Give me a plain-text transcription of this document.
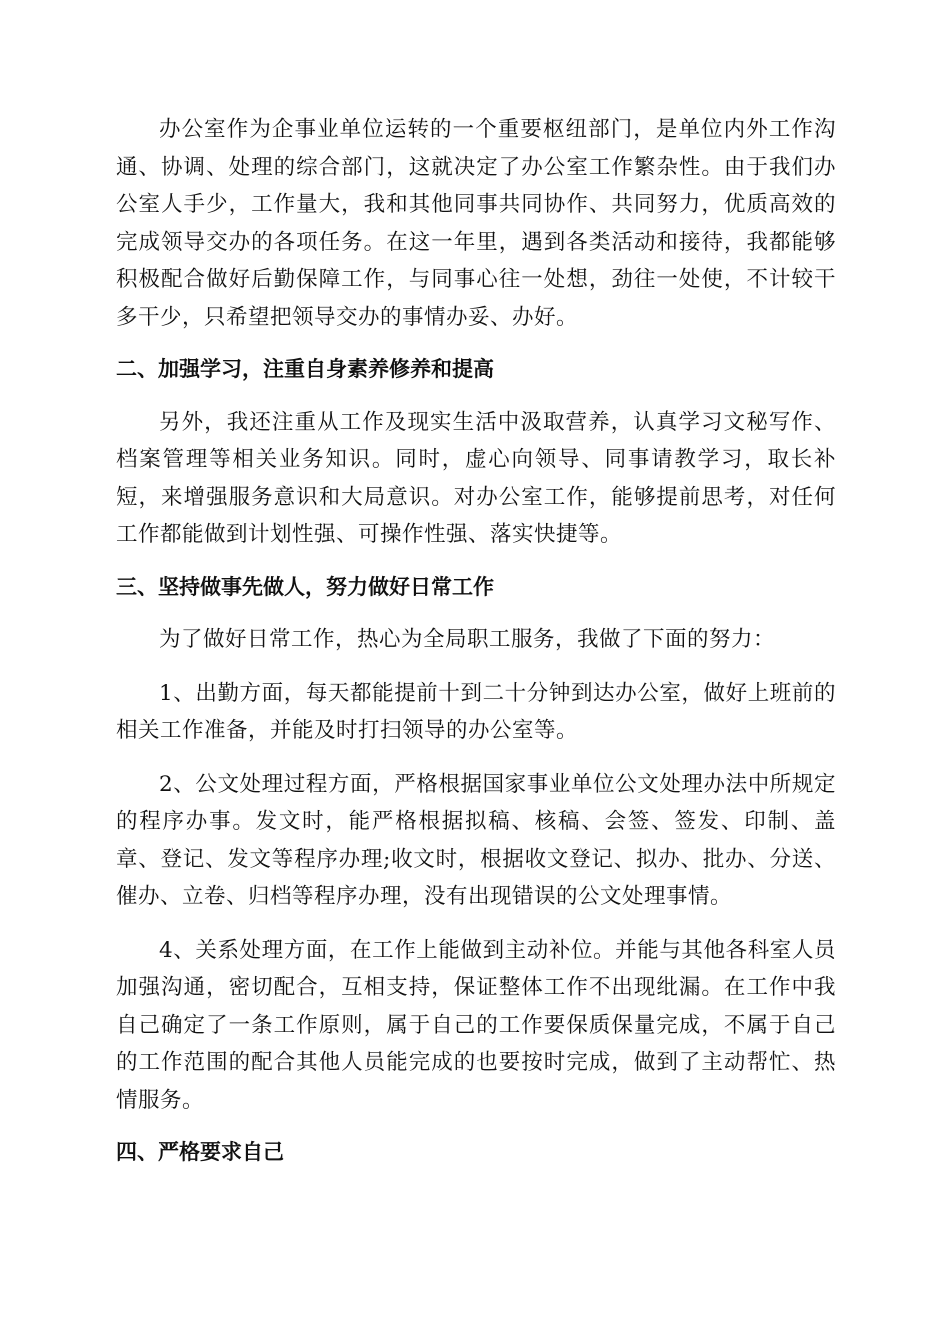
办公室作为企事业单位运转的一个重要枢纽部门，是单位内外工作沟通、协调、处理的综合部门，这就决定了办公室工作繁杂性。由于我们办公室人手少，工作量大，我和其他同事共同协作、共同努力，优质高效的完成领导交办的各项任务。在这一年里，遇到各类活动和接待，我都能够积极配合做好后勤保障工作，与同事心往一处想，劲往一处使，不计较干多干少，只希望把领导交办的事情办妥、办好。

二、加强学习，注重自身素养修养和提高

另外，我还注重从工作及现实生活中汲取营养，认真学习文秘写作、档案管理等相关业务知识。同时，虚心向领导、同事请教学习，取长补短，来增强服务意识和大局意识。对办公室工作，能够提前思考，对任何工作都能做到计划性强、可操作性强、落实快捷等。

三、坚持做事先做人，努力做好日常工作

为了做好日常工作，热心为全局职工服务，我做了下面的努力：

1、出勤方面，每天都能提前十到二十分钟到达办公室，做好上班前的相关工作准备，并能及时打扫领导的办公室等。

2、公文处理过程方面，严格根据国家事业单位公文处理办法中所规定的程序办事。发文时，能严格根据拟稿、核稿、会签、签发、印制、盖章、登记、发文等程序办理;收文时，根据收文登记、拟办、批办、分送、催办、立卷、归档等程序办理，没有出现错误的公文处理事情。

4、关系处理方面，在工作上能做到主动补位。并能与其他各科室人员加强沟通，密切配合，互相支持，保证整体工作不出现纰漏。在工作中我自己确定了一条工作原则，属于自己的工作要保质保量完成，不属于自己的工作范围的配合其他人员能完成的也要按时完成，做到了主动帮忙、热情服务。

四、严格要求自己
